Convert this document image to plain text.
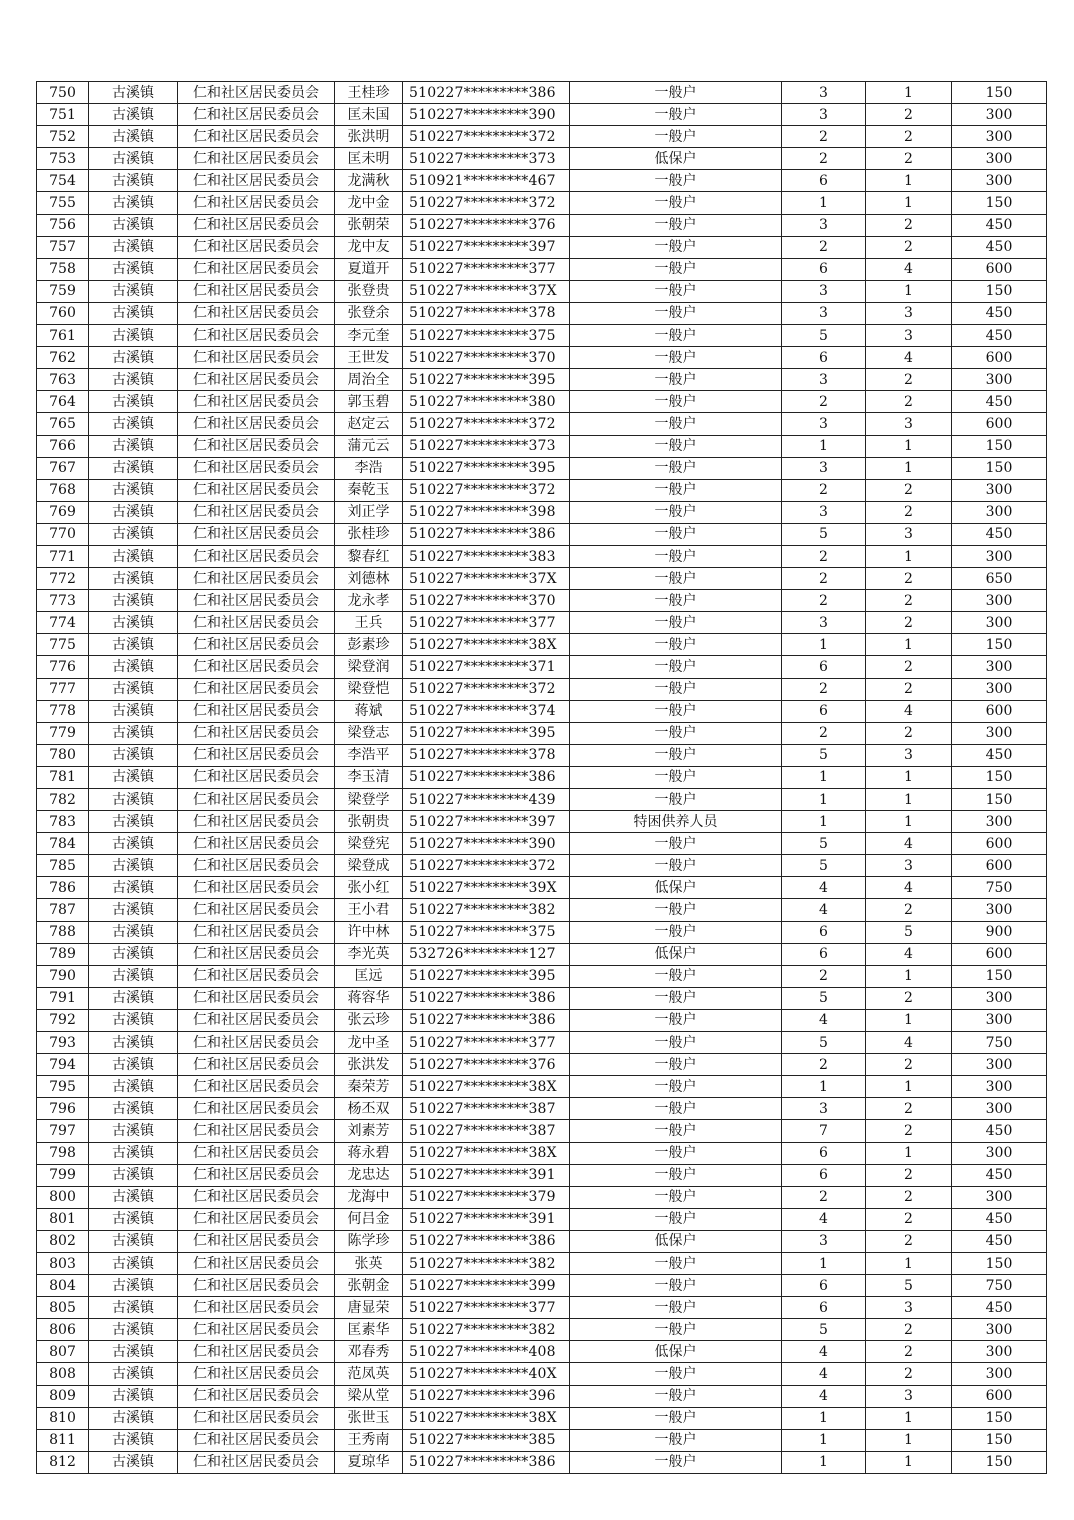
750	古溪镇	仁和社区居民委员会	王桂珍	510227*********386	一般户	3	1	150
751	古溪镇	仁和社区居民委员会	匡未国	510227*********390	一般户	3	2	300
752	古溪镇	仁和社区居民委员会	张洪明	510227*********372	一般户	2	2	300
753	古溪镇	仁和社区居民委员会	匡未明	510227*********373	低保户	2	2	300
754	古溪镇	仁和社区居民委员会	龙满秋	510921*********467	一般户	6	1	300
755	古溪镇	仁和社区居民委员会	龙中金	510227*********372	一般户	1	1	150
756	古溪镇	仁和社区居民委员会	张朝荣	510227*********376	一般户	3	2	450
757	古溪镇	仁和社区居民委员会	龙中友	510227*********397	一般户	2	2	450
758	古溪镇	仁和社区居民委员会	夏道开	510227*********377	一般户	6	4	600
759	古溪镇	仁和社区居民委员会	张登贵	510227*********37X	一般户	3	1	150
760	古溪镇	仁和社区居民委员会	张登余	510227*********378	一般户	3	3	450
761	古溪镇	仁和社区居民委员会	李元奎	510227*********375	一般户	5	3	450
762	古溪镇	仁和社区居民委员会	王世发	510227*********370	一般户	6	4	600
763	古溪镇	仁和社区居民委员会	周治全	510227*********395	一般户	3	2	300
764	古溪镇	仁和社区居民委员会	郭玉碧	510227*********380	一般户	2	2	450
765	古溪镇	仁和社区居民委员会	赵定云	510227*********372	一般户	3	3	600
766	古溪镇	仁和社区居民委员会	蒲元云	510227*********373	一般户	1	1	150
767	古溪镇	仁和社区居民委员会	李浩	510227*********395	一般户	3	1	150
768	古溪镇	仁和社区居民委员会	秦乾玉	510227*********372	一般户	2	2	300
769	古溪镇	仁和社区居民委员会	刘正学	510227*********398	一般户	3	2	300
770	古溪镇	仁和社区居民委员会	张桂珍	510227*********386	一般户	5	3	450
771	古溪镇	仁和社区居民委员会	黎春红	510227*********383	一般户	2	1	300
772	古溪镇	仁和社区居民委员会	刘德林	510227*********37X	一般户	2	2	650
773	古溪镇	仁和社区居民委员会	龙永孝	510227*********370	一般户	2	2	300
774	古溪镇	仁和社区居民委员会	王兵	510227*********377	一般户	3	2	300
775	古溪镇	仁和社区居民委员会	彭素珍	510227*********38X	一般户	1	1	150
776	古溪镇	仁和社区居民委员会	梁登润	510227*********371	一般户	6	2	300
777	古溪镇	仁和社区居民委员会	梁登恺	510227*********372	一般户	2	2	300
778	古溪镇	仁和社区居民委员会	蒋斌	510227*********374	一般户	6	4	600
779	古溪镇	仁和社区居民委员会	梁登志	510227*********395	一般户	2	2	300
780	古溪镇	仁和社区居民委员会	李浩平	510227*********378	一般户	5	3	450
781	古溪镇	仁和社区居民委员会	李玉清	510227*********386	一般户	1	1	150
782	古溪镇	仁和社区居民委员会	梁登学	510227*********439	一般户	1	1	150
783	古溪镇	仁和社区居民委员会	张朝贵	510227*********397	特困供养人员	1	1	300
784	古溪镇	仁和社区居民委员会	梁登宪	510227*********390	一般户	5	4	600
785	古溪镇	仁和社区居民委员会	梁登成	510227*********372	一般户	5	3	600
786	古溪镇	仁和社区居民委员会	张小红	510227*********39X	低保户	4	4	750
787	古溪镇	仁和社区居民委员会	王小君	510227*********382	一般户	4	2	300
788	古溪镇	仁和社区居民委员会	许中林	510227*********375	一般户	6	5	900
789	古溪镇	仁和社区居民委员会	李光英	532726*********127	低保户	6	4	600
790	古溪镇	仁和社区居民委员会	匡远	510227*********395	一般户	2	1	150
791	古溪镇	仁和社区居民委员会	蒋容华	510227*********386	一般户	5	2	300
792	古溪镇	仁和社区居民委员会	张云珍	510227*********386	一般户	4	1	300
793	古溪镇	仁和社区居民委员会	龙中圣	510227*********377	一般户	5	4	750
794	古溪镇	仁和社区居民委员会	张洪发	510227*********376	一般户	2	2	300
795	古溪镇	仁和社区居民委员会	秦荣芳	510227*********38X	一般户	1	1	300
796	古溪镇	仁和社区居民委员会	杨丕双	510227*********387	一般户	3	2	300
797	古溪镇	仁和社区居民委员会	刘素芳	510227*********387	一般户	7	2	450
798	古溪镇	仁和社区居民委员会	蒋永碧	510227*********38X	一般户	6	1	300
799	古溪镇	仁和社区居民委员会	龙忠达	510227*********391	一般户	6	2	450
800	古溪镇	仁和社区居民委员会	龙海中	510227*********379	一般户	2	2	300
801	古溪镇	仁和社区居民委员会	何吕金	510227*********391	一般户	4	2	450
802	古溪镇	仁和社区居民委员会	陈学珍	510227*********386	低保户	3	2	450
803	古溪镇	仁和社区居民委员会	张英	510227*********382	一般户	1	1	150
804	古溪镇	仁和社区居民委员会	张朝金	510227*********399	一般户	6	5	750
805	古溪镇	仁和社区居民委员会	唐显荣	510227*********377	一般户	6	3	450
806	古溪镇	仁和社区居民委员会	匡素华	510227*********382	一般户	5	2	300
807	古溪镇	仁和社区居民委员会	邓春秀	510227*********408	低保户	4	2	300
808	古溪镇	仁和社区居民委员会	范凤英	510227*********40X	一般户	4	2	300
809	古溪镇	仁和社区居民委员会	梁从堂	510227*********396	一般户	4	3	600
810	古溪镇	仁和社区居民委员会	张世玉	510227*********38X	一般户	1	1	150
811	古溪镇	仁和社区居民委员会	王秀南	510227*********385	一般户	1	1	150
812	古溪镇	仁和社区居民委员会	夏琼华	510227*********386	一般户	1	1	150
